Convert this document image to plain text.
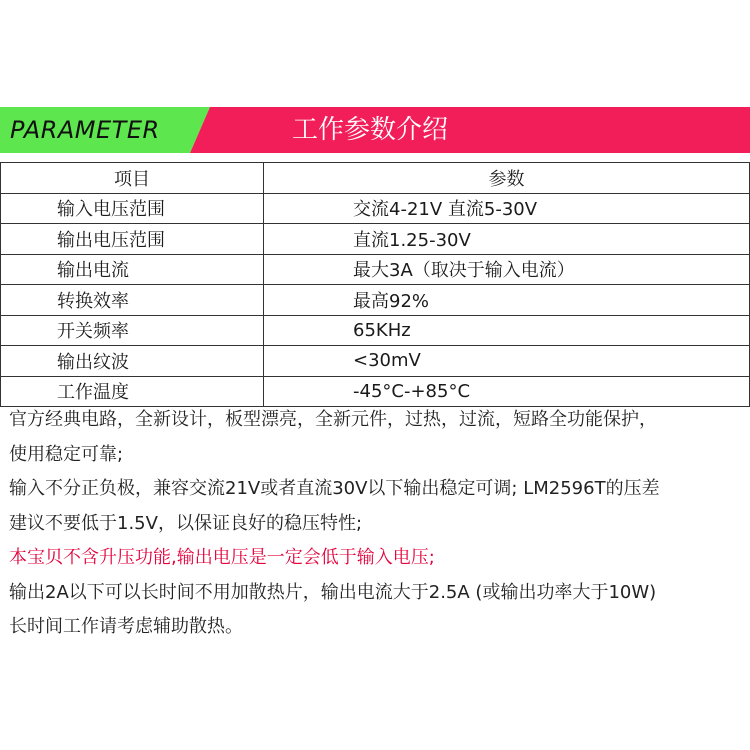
PARAMETER	工作参数介绍
项目	参数
输入电压范围	交流4-21V 直流5-30V
输出电压范围	直流1.25-30V
输出电流	最大3A（取决于输入电流）
转换效率	最高92%
开关频率	65KHz
输出纹波	<30mV
工作温度	-45°C-+85°C

官方经典电路，全新设计，板型漂亮，全新元件，过热，过流，短路全功能保护，

使用稳定可靠;

输入不分正负极，兼容交流21V或者直流30V以下输出稳定可调; LM2596T的压差

建议不要低于1.5V，以保证良好的稳压特性;

本宝贝不含升压功能,输出电压是一定会低于输入电压;

输出2A以下可以长时间不用加散热片，输出电流大于2.5A (或输出功率大于10W)

长时间工作请考虑辅助散热。
